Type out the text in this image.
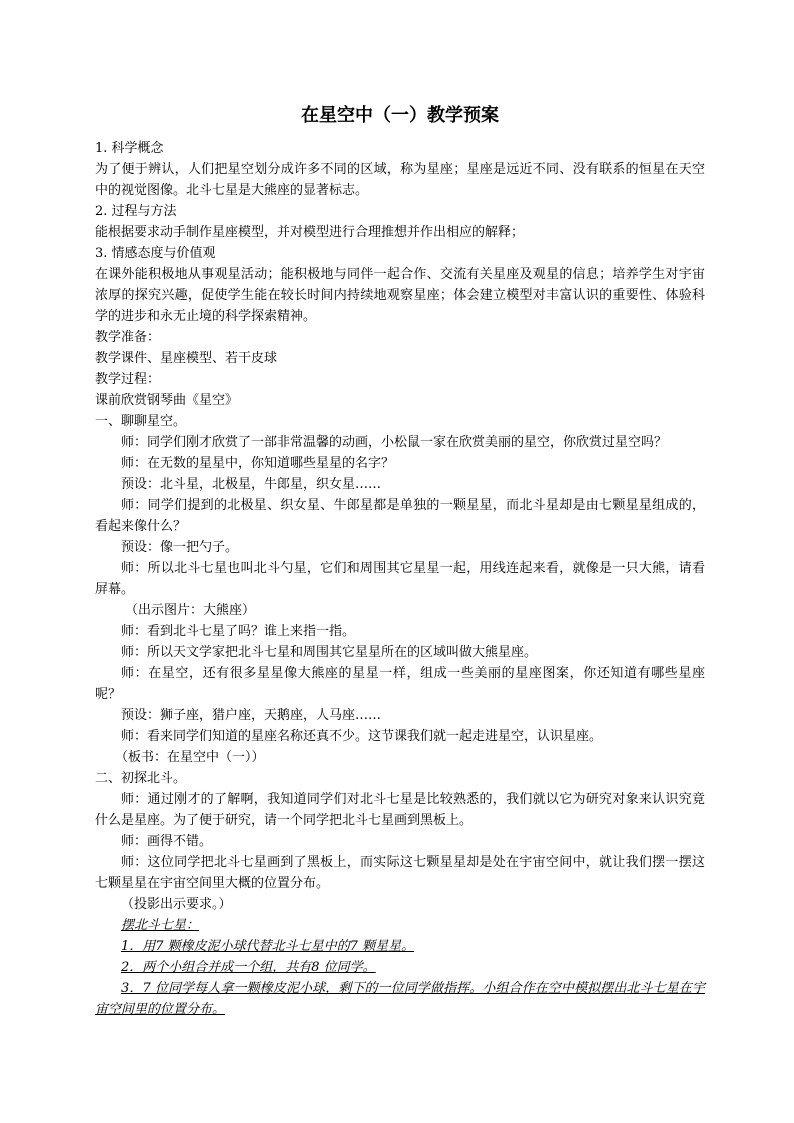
在星空中（一）教学预案

1. 科学概念

为了便于辨认，人们把星空划分成许多不同的区域，称为星座；星座是远近不同、没有联系的恒星在天空中的视觉图像。北斗七星是大熊座的显著标志。

2. 过程与方法

能根据要求动手制作星座模型，并对模型进行合理推想并作出相应的解释；

3. 情感态度与价值观

在课外能积极地从事观星活动；能积极地与同伴一起合作、交流有关星座及观星的信息；培养学生对宇宙浓厚的探究兴趣，促使学生能在较长时间内持续地观察星座；体会建立模型对丰富认识的重要性、体验科学的进步和永无止境的科学探索精神。

教学准备：

教学课件、星座模型、若干皮球

教学过程：

课前欣赏钢琴曲《星空》

一、聊聊星空。

师：同学们刚才欣赏了一部非常温馨的动画，小松鼠一家在欣赏美丽的星空，你欣赏过星空吗？

师：在无数的星星中，你知道哪些星星的名字？

预设：北斗星，北极星，牛郎星，织女星……

师：同学们提到的北极星、织女星、牛郎星都是单独的一颗星星，而北斗星却是由七颗星星组成的，看起来像什么？

预设：像一把勺子。

师：所以北斗七星也叫北斗勺星，它们和周围其它星星一起，用线连起来看，就像是一只大熊，请看屏幕。

（出示图片：大熊座）

师：看到北斗七星了吗？谁上来指一指。

师：所以天文学家把北斗七星和周围其它星星所在的区域叫做大熊星座。

师：在星空，还有很多星星像大熊座的星星一样，组成一些美丽的星座图案，你还知道有哪些星座呢？

预设：狮子座，猎户座，天鹅座，人马座……

师：看来同学们知道的星座名称还真不少。这节课我们就一起走进星空，认识星座。

（板书：在星空中（一））

二、初探北斗。

师：通过刚才的了解啊，我知道同学们对北斗七星是比较熟悉的，我们就以它为研究对象来认识究竟什么是星座。为了便于研究，请一个同学把北斗七星画到黑板上。

师：画得不错。

师：这位同学把北斗七星画到了黑板上，而实际这七颗星星却是处在宇宙空间中，就让我们摆一摆这七颗星星在宇宙空间里大概的位置分布。

（投影出示要求。）

摆北斗七星：

1．用7 颗橡皮泥小球代替北斗七星中的7 颗星星。

2．两个小组合并成一个组，共有8 位同学。

3．7 位同学每人拿一颗橡皮泥小球，剩下的一位同学做指挥。小组合作在空中模拟摆出北斗七星在宇宙空间里的位置分布。
